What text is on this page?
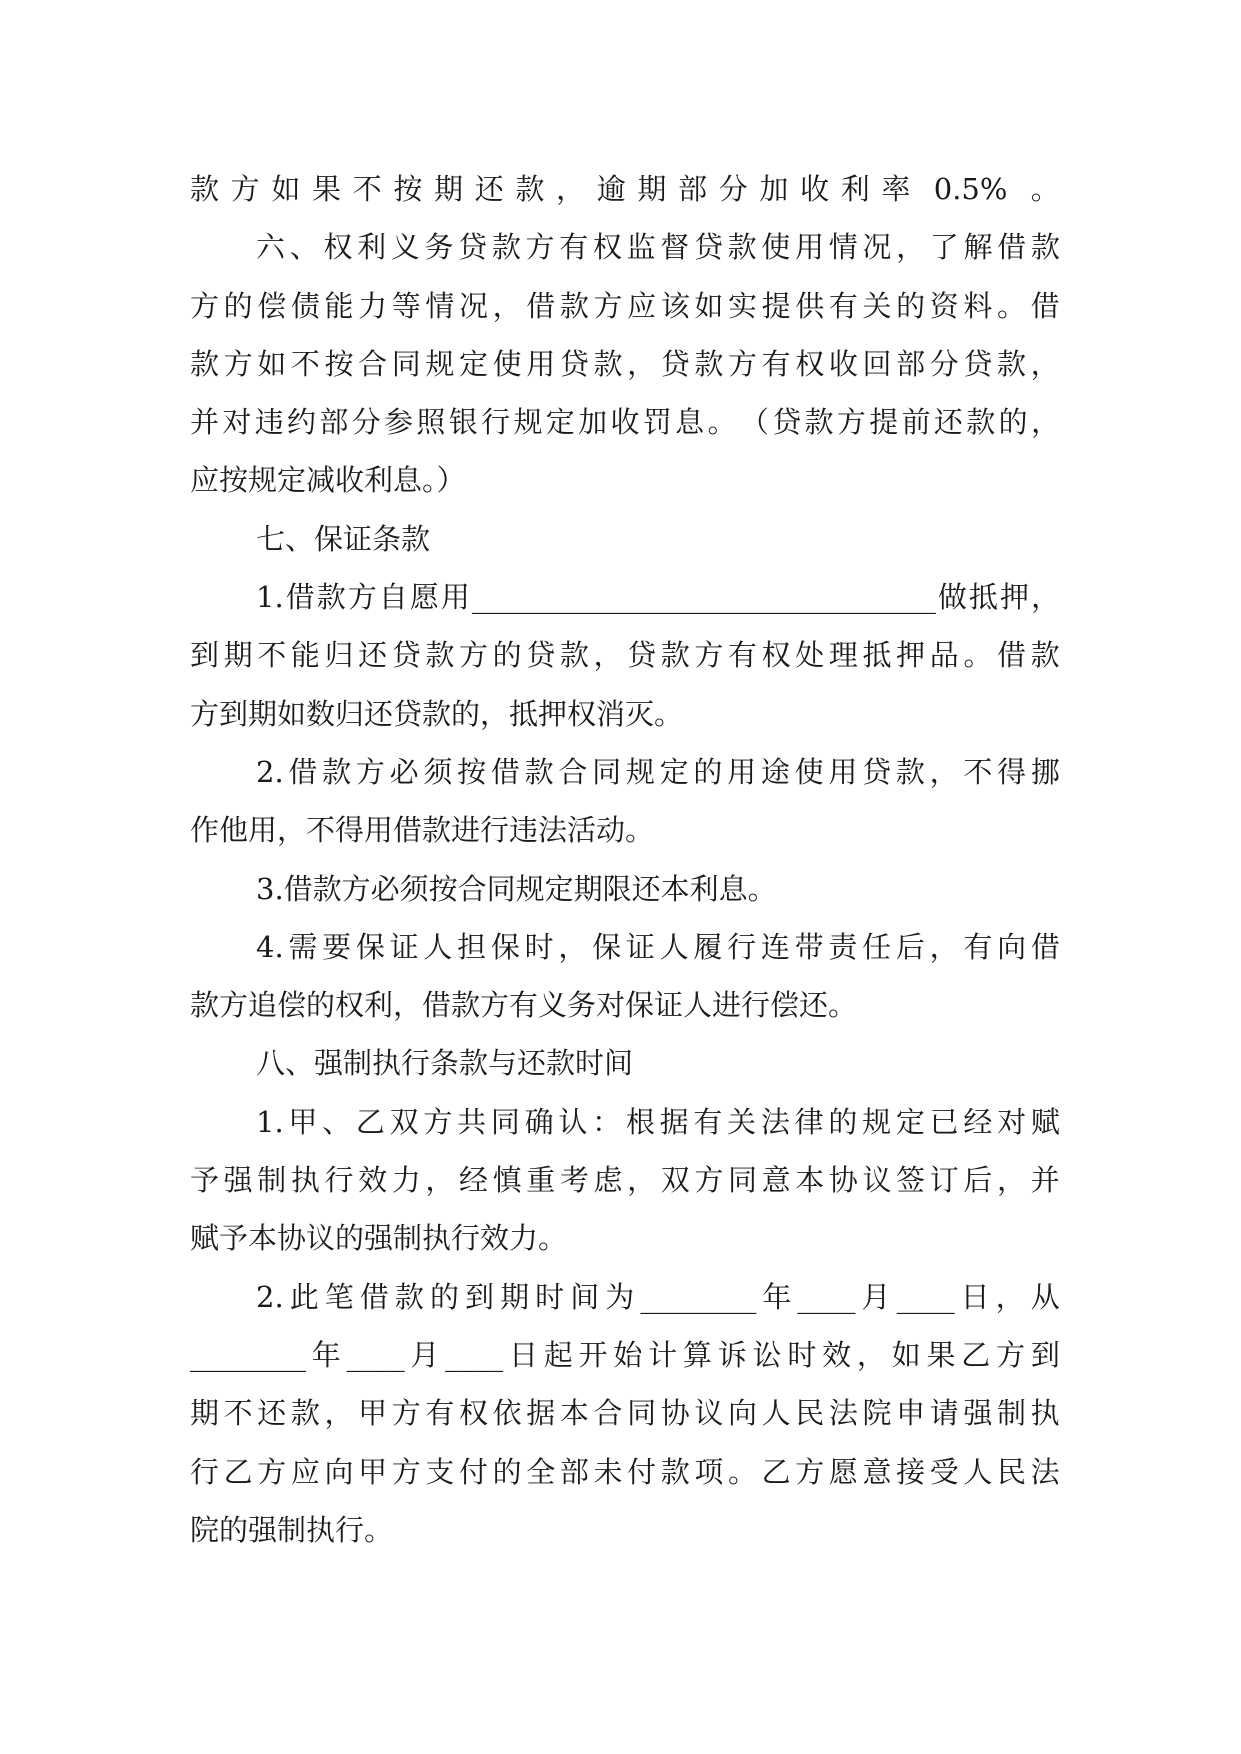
款 方 如 果 不 按 期 还 款 ， 逾 期 部 分 加 收 利 率 0.5% 。
六 、 权 利 义 务 贷 款 方 有 权 监 督 贷 款 使 用 情 况 ， 了 解 借 款
方 的 偿 债 能 力 等 情 况 ， 借 款 方 应 该 如 实 提 供 有 关 的 资 料 。 借
款 方 如 不 按 合 同 规 定 使 用 贷 款 ， 贷 款 方 有 权 收 回 部 分 贷 款 ，
并 对 违 约 部 分 参 照 银 行 规 定 加 收 罚 息 。 （ 贷 款 方 提 前 还 款 的 ，
应按规定减收利息。）
七、保证条款
1. 借 款 方 自 愿 用 ________________________________ 做 抵 押 ，
到 期 不 能 归 还 贷 款 方 的 贷 款 ， 贷 款 方 有 权 处 理 抵 押 品 。 借 款
方到期如数归还贷款的，抵押权消灭。
2. 借 款 方 必 须 按 借 款 合 同 规 定 的 用 途 使 用 贷 款 ， 不 得 挪
作他用，不得用借款进行违法活动。
3.借款方必须按合同规定期限还本利息。
4. 需 要 保 证 人 担 保 时 ， 保 证 人 履 行 连 带 责 任 后 ， 有 向 借
款方追偿的权利，借款方有义务对保证人进行偿还。
八、强制执行条款与还款时间
1. 甲 、 乙 双 方 共 同 确 认 ： 根 据 有 关 法 律 的 规 定 已 经 对 赋
予 强 制 执 行 效 力 ， 经 慎 重 考 虑 ， 双 方 同 意 本 协 议 签 订 后 ， 并
赋予本协议的强制执行效力。
2. 此 笔 借 款 的 到 期 时 间 为 ________ 年 ____ 月 ____ 日 ， 从
________ 年 ____ 月 ____ 日 起 开 始 计 算 诉 讼 时 效 ， 如 果 乙 方 到
期 不 还 款 ， 甲 方 有 权 依 据 本 合 同 协 议 向 人 民 法 院 申 请 强 制 执
行 乙 方 应 向 甲 方 支 付 的 全 部 未 付 款 项 。 乙 方 愿 意 接 受 人 民 法
院的强制执行。
